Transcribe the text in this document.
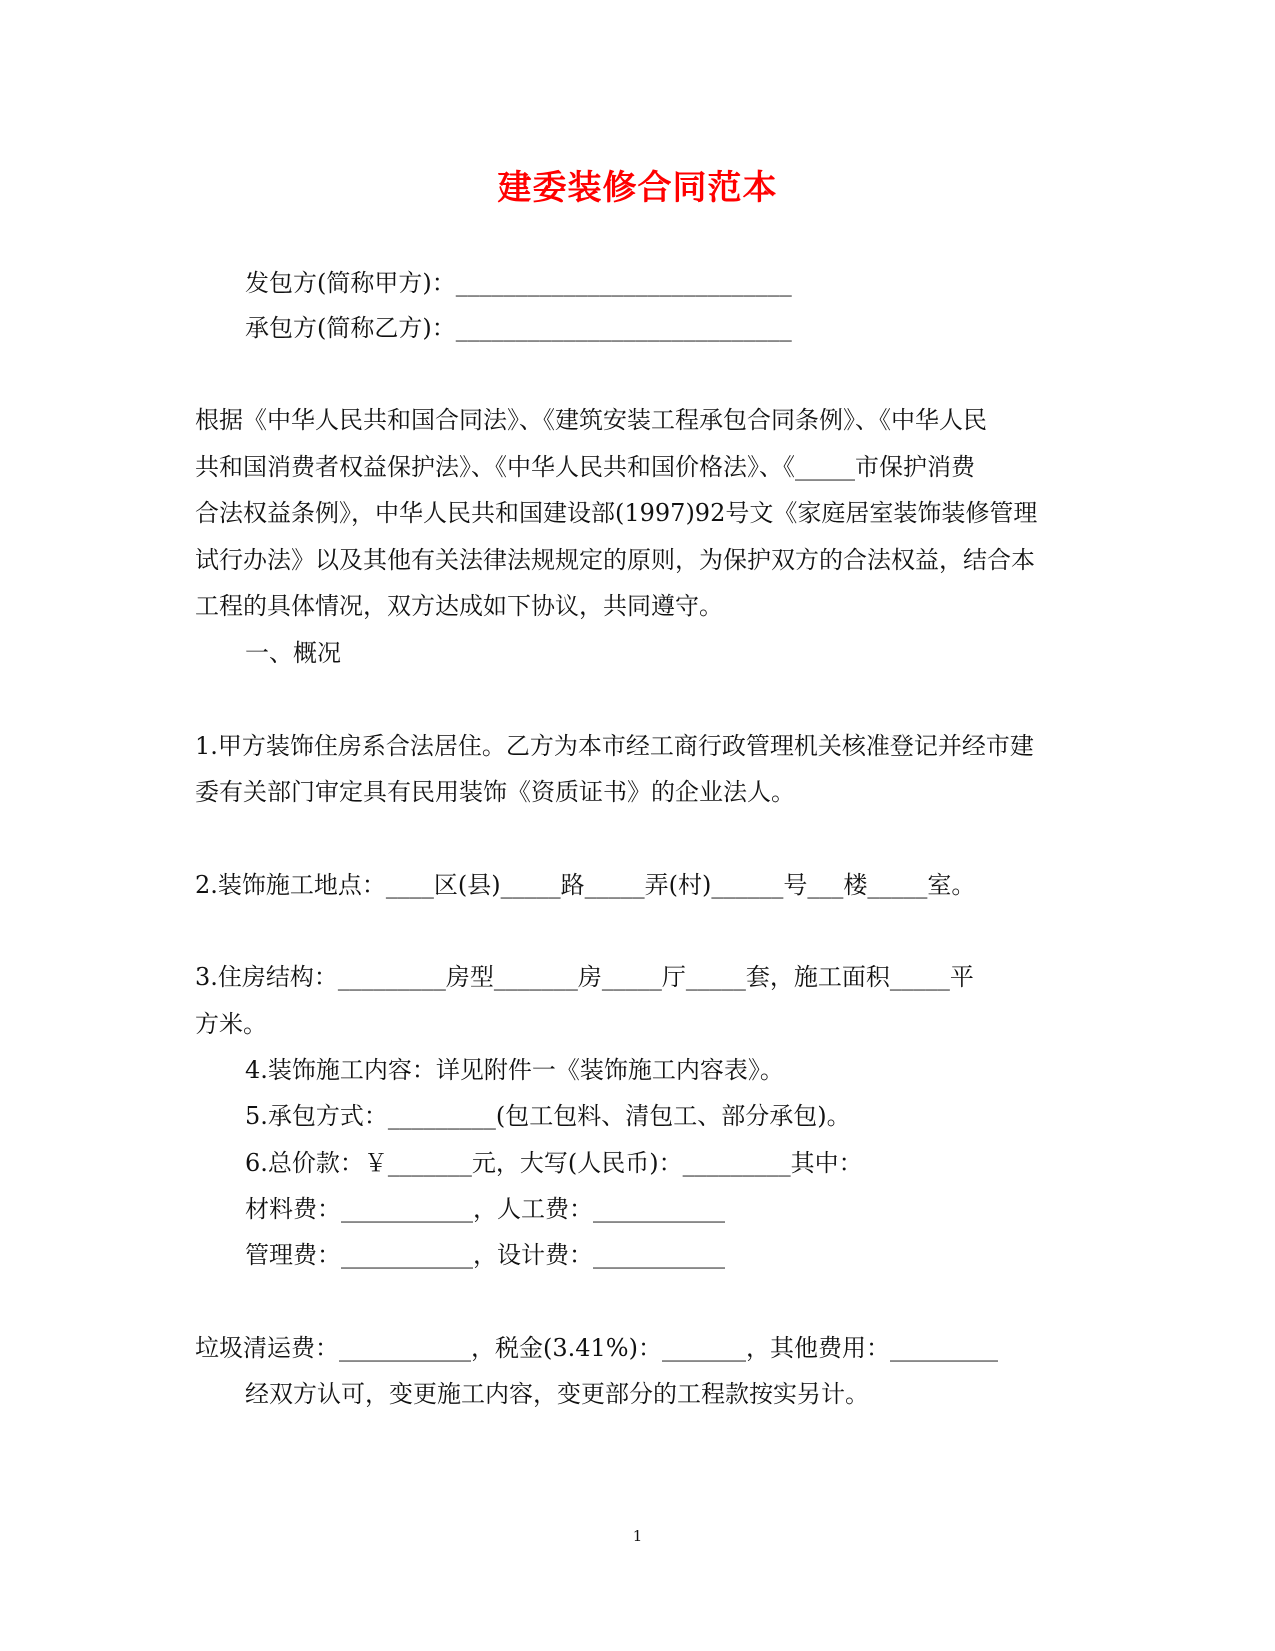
建委装修合同范本
发包方(简称甲方)：____________________________
承包方(简称乙方)：____________________________
根据《中华人民共和国合同法》、《建筑安装工程承包合同条例》、《中华人民
共和国消费者权益保护法》、《中华人民共和国价格法》、《_____市保护消费
合法权益条例》，中华人民共和国建设部(1997)92号文《家庭居室装饰装修管理
试行办法》以及其他有关法律法规规定的原则，为保护双方的合法权益，结合本
工程的具体情况，双方达成如下协议，共同遵守。
一、概况
1.甲方装饰住房系合法居住。乙方为本市经工商行政管理机关核准登记并经市建
委有关部门审定具有民用装饰《资质证书》的企业法人。
2.装饰施工地点：____区(县)_____路_____弄(村)______号___楼_____室。
3.住房结构：_________房型_______房_____厅_____套，施工面积_____平
方米。
4.装饰施工内容：详见附件一《装饰施工内容表》。
5.承包方式：_________(包工包料、清包工、部分承包)。
6.总价款：￥_______元，大写(人民币)：_________其中：
材料费：___________，人工费：___________
管理费：___________，设计费：___________
垃圾清运费：___________，税金(3.41%)：_______，其他费用：_________
经双方认可，变更施工内容，变更部分的工程款按实另计。
1
